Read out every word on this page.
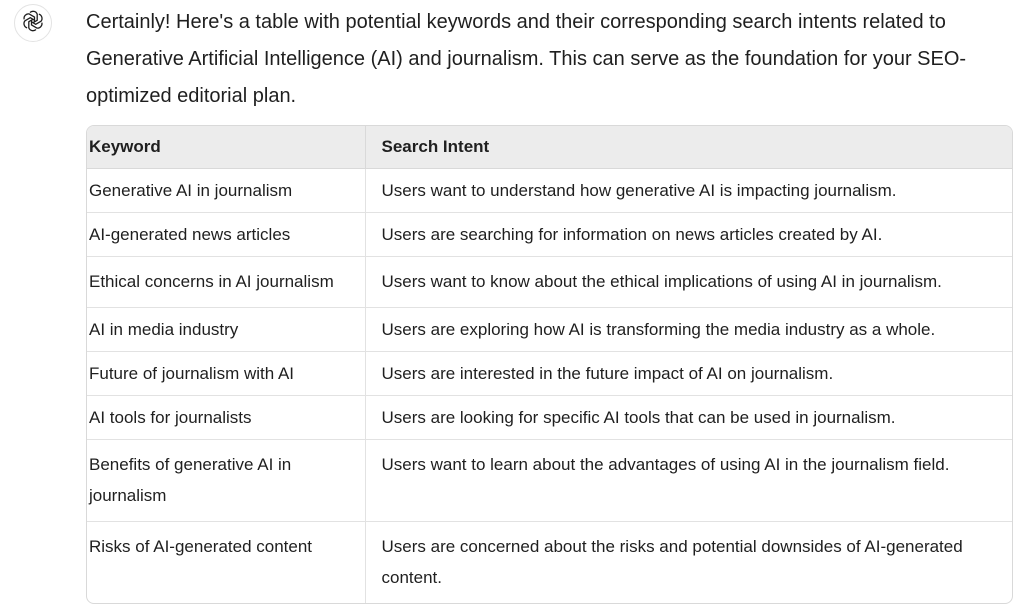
Certainly! Here's a table with potential keywords and their corresponding search intents related to Generative Artificial Intelligence (AI) and journalism. This can serve as the foundation for your SEO-optimized editorial plan.

Keyword	Search Intent
Generative AI in journalism	Users want to understand how generative AI is impacting journalism.
AI-generated news articles	Users are searching for information on news articles created by AI.
Ethical concerns in AI journalism	Users want to know about the ethical implications of using AI in journalism.
AI in media industry	Users are exploring how AI is transforming the media industry as a whole.
Future of journalism with AI	Users are interested in the future impact of AI on journalism.
AI tools for journalists	Users are looking for specific AI tools that can be used in journalism.
Benefits of generative AI in journalism	Users want to learn about the advantages of using AI in the journalism field.
Risks of AI-generated content	Users are concerned about the risks and potential downsides of AI-generated content.
